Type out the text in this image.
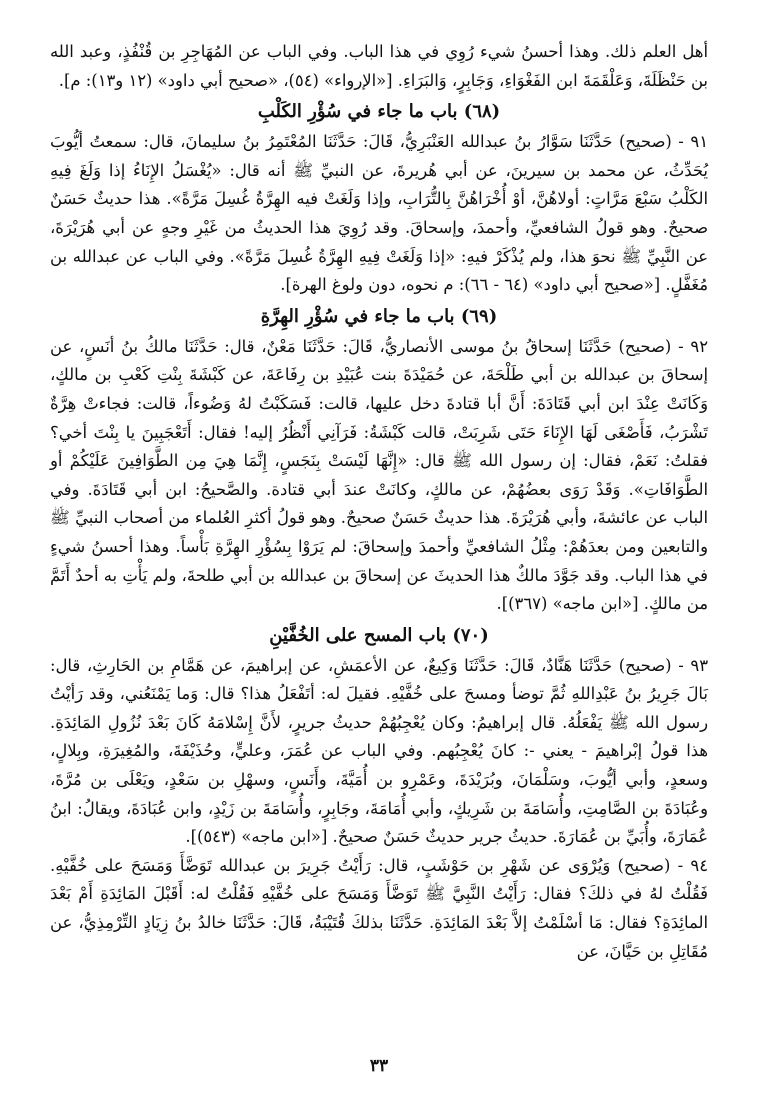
أهل العلم ذلك. وهذا أحسنُ شيء رُوِي في هذا الباب. وفي الباب عن المُهَاجِرِ بن قُنْفُذٍ، وعبد الله بن حَنْظَلَةَ، وَعَلْقَمَةَ ابن الفَغْوَاءِ، وَجَابِرٍ، وَالبَرَاءِ. [«الإرواء» (٥٤)، «صحيح أبي داود» (١٢ و١٣): م].

(٦٨) باب ما جاء في سُؤْرِ الكَلْبِ

٩١ - (صحيح) حَدَّثَنَا سَوَّارُ بنُ عبدالله العَنْبَرِيُّ، قَالَ: حَدَّثَنَا المُعْتَمِرُ بنُ سليمانَ، قال: سمعتُ أيُّوبَ يُحَدِّثُ، عن محمد بن سيرينَ، عن أبي هُريرةَ، عن النبيِّ ﷺ أنه قال: «يُغْسَلُ الإِنَاءُ إذا وَلَغَ فِيهِ الكَلْبُ سَبْعَ مَرَّاتٍ: أولاهُنَّ، أوْ أُخْرَاهُنَّ بِالتُّرَابِ، وإذا وَلَغَتْ فيه الهِرَّةُ غُسِلَ مَرَّةً». هذا حديثٌ حَسَنٌ صحيحٌ. وهو قولُ الشافعيِّ، وأحمدَ، وإسحاقَ. وقد رُوِيَ هذا الحديثُ من غَيْرِ وجهٍ عن أبي هُرَيْرَةَ، عن النَّبِيِّ ﷺ نحوَ هذا، ولم يُذْكَرْ فيهِ: «إذا وَلَغَتْ فِيهِ الهِرَّةُ غُسِلَ مَرَّةً». وفي الباب عن عبدالله بن مُغَفَّلٍ. [«صحيح أبي داود» (٦٤ - ٦٦): م نحوه، دون ولوغ الهرة].

(٦٩) باب ما جاء في سُؤْرِ الهِرَّةِ

٩٢ - (صحيح) حَدَّثَنَا إسحاقُ بنُ موسى الأنصاريُّ، قَالَ: حَدَّثَنَا مَعْنٌ، قال: حَدَّثَنَا مالكُ بنُ أنَسٍ، عن إسحاقَ بن عبدالله بن أبي طَلْحَةَ، عن حُمَيْدَةَ بنت عُبَيْدِ بن رِفَاعَةَ، عن كَبْشَةَ بِنْتِ كَعْبِ بن مالكٍ، وَكَانَتْ عِنْدَ ابن أبي قَتَادَةَ: أَنَّ أبا قتادةَ دخل عليها، قالت: فَسَكَبْتُ لهُ وَضُوءاً، قالت: فجاءتْ هِرَّةٌ تَشْرَبُ، فَأَصْغَى لَهَا الإِنَاءَ حَتَى شَرِبَتْ، قالت كَبْشَةُ: فَرَآنِي أَنْظُرُ إليه! فقال: أَتَعْجَبِينَ يا بِنْتَ أخي؟ فقلتُ: نَعَمْ، فقال: إن رسول الله ﷺ قال: «إِنَّهَا لَيْسَتْ بِنَجَسٍ، إِنَّمَا هِيَ مِن الطَّوَافِينَ عَلَيْكُمْ أو الطَّوَافَاتِ». وَقَدْ رَوَى بعضُهُمْ، عن مالكٍ، وكانَتْ عندَ أبي قتادة. والصَّحيحُ: ابن أبي قَتَادَةَ. وفي الباب عن عائشةَ، وأبي هُرَيْرَةَ. هذا حديثٌ حَسَنٌ صحيحٌ. وهو قولُ أكثرِ العُلماء من أصحاب النبيِّ ﷺ والتابعين ومن بعدَهُمْ: مِثْلُ الشافعيِّ وأحمدَ وإسحاقَ: لم يَرَوْا بِسُؤْرِ الهِرَّةِ بَأْساً. وهذا أحسنُ شيءٍ في هذا الباب. وقد جَوَّدَ مالكٌ هذا الحديثَ عن إسحاقَ بن عبدالله بن أبي طلحةَ، ولم يَأْتِ به أحدٌ أَتَمَّ من مالكٍ. [«ابن ماجه» (٣٦٧)].

(٧٠) باب المسح على الخُفَّيْنِ

٩٣ - (صحيح) حَدَّثَنَا هَنَّادٌ، قَالَ: حَدَّثَنَا وَكِيعٌ، عن الأعمَشِ، عن إبراهيمَ، عن هَمَّامِ بن الحَارِثِ، قال: بَالَ جَرِيرُ بنُ عَبْدِاللهِ ثُمَّ توضأ ومسحَ على خُفَّيْهِ. فقيلَ له: أتَفْعَلُ هذا؟ قال: وَما يَمْنَعُني، وقد رَأيْتُ رسول الله ﷺ يَفْعَلُهُ. قال إبراهيمُ: وكان يُعْجِبُهُمْ حديثُ جريرٍ، لأَنَّ إِسْلامَهُ كَانَ بَعْدَ نُزُولِ المَائِدَةِ. هذا قولُ إبْراهيمَ - يعني -: كانَ يُعْجِبُهم. وفي الباب عن عُمَرَ، وعليٍّ، وحُذَيْفَةَ، والمُغِيرَةِ، وبِلالٍ، وسعدٍ، وأبي أيُّوبَ، وسَلْمَانَ، وبُرَيْدَةَ، وعَمْرِو بن أُمَيَّةَ، وأَنَسٍ، وسهْلِ بن سَعْدٍ، ويَعْلَى بن مُرَّةَ، وعُبَادَةَ بن الصَّامِتِ، وأُسَامَةَ بن شَرِيكٍ، وأبي أُمَامَةَ، وجَابِرٍ، وأُسَامَةَ بن زَيْدٍ، وابن عُبَادَةَ، ويقالُ: ابنُ عُمَارَةَ، وأُبَيِّ بن عُمَارَةَ. حديثُ جرير حديثٌ حَسَنٌ صحيحٌ. [«ابن ماجه» (٥٤٣)].

٩٤ - (صحيح) وَيُرْوَى عن شَهْرِ بن حَوْشَبٍ، قال: رَأَيْتُ جَرِيرَ بن عبدالله تَوَضَّأَ وَمَسَحَ على خُفَّيْهِ. فَقُلْتُ لهُ في ذلكَ؟ فقال: رَأَيْتُ النَّبِيَّ ﷺ تَوَضَّأَ وَمَسَحَ على خُفَّيْهِ فَقُلْتُ له: أَقَبْلَ المَائِدَةِ أَمْ بَعْدَ المائِدَةِ؟ فقال: مَا أسْلَمْتُ إلاَّ بَعْدَ المَائِدَةِ. حَدَّثَنَا بذلكَ قُتَيْبَةُ، قَالَ: حَدَّثَنَا خالدُ بنُ زِيَادٍ التِّرْمِذِيُّ، عن مُقَاتِلِ بن حَيَّانَ، عن

٣٣
